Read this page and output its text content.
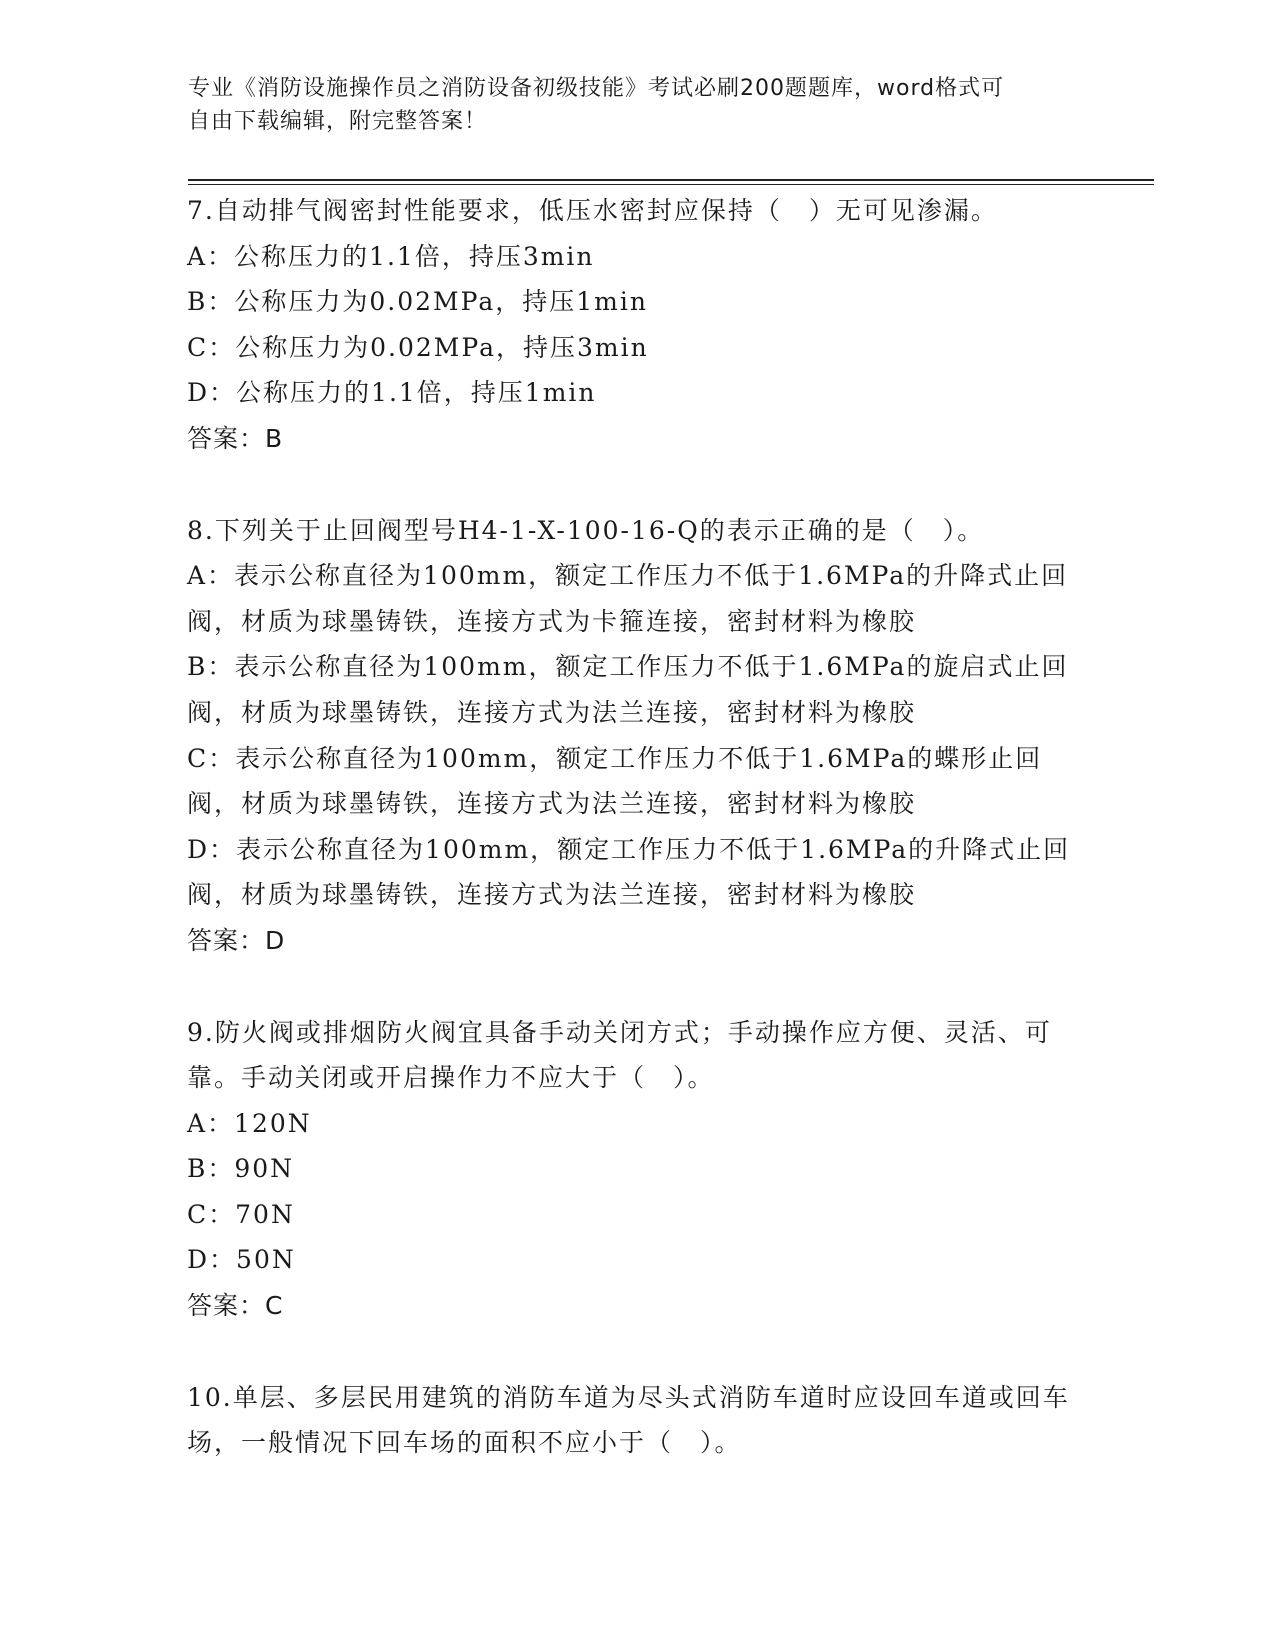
专业《消防设施操作员之消防设备初级技能》考试必刷200题题库，word格式可
自由下载编辑，附完整答案！
7.自动排气阀密封性能要求，低压水密封应保持（　）无可见渗漏。
A：公称压力的1.1倍，持压3min
B：公称压力为0.02MPa，持压1min
C：公称压力为0.02MPa，持压3min
D：公称压力的1.1倍，持压1min
答案：B
8.下列关于止回阀型号H4-1-X-100-16-Q的表示正确的是（　）。
A：表示公称直径为100mm，额定工作压力不低于1.6MPa的升降式止回阀，材质为球墨铸铁，连接方式为卡箍连接，密封材料为橡胶
B：表示公称直径为100mm，额定工作压力不低于1.6MPa的旋启式止回阀，材质为球墨铸铁，连接方式为法兰连接，密封材料为橡胶
C：表示公称直径为100mm，额定工作压力不低于1.6MPa的蝶形止回阀，材质为球墨铸铁，连接方式为法兰连接，密封材料为橡胶
D：表示公称直径为100mm，额定工作压力不低于1.6MPa的升降式止回阀，材质为球墨铸铁，连接方式为法兰连接，密封材料为橡胶
答案：D
9.防火阀或排烟防火阀宜具备手动关闭方式；手动操作应方便、灵活、可靠。手动关闭或开启操作力不应大于（　）。
A：120N
B：90N
C：70N
D：50N
答案：C
10.单层、多层民用建筑的消防车道为尽头式消防车道时应设回车道或回车场，一般情况下回车场的面积不应小于（　）。
